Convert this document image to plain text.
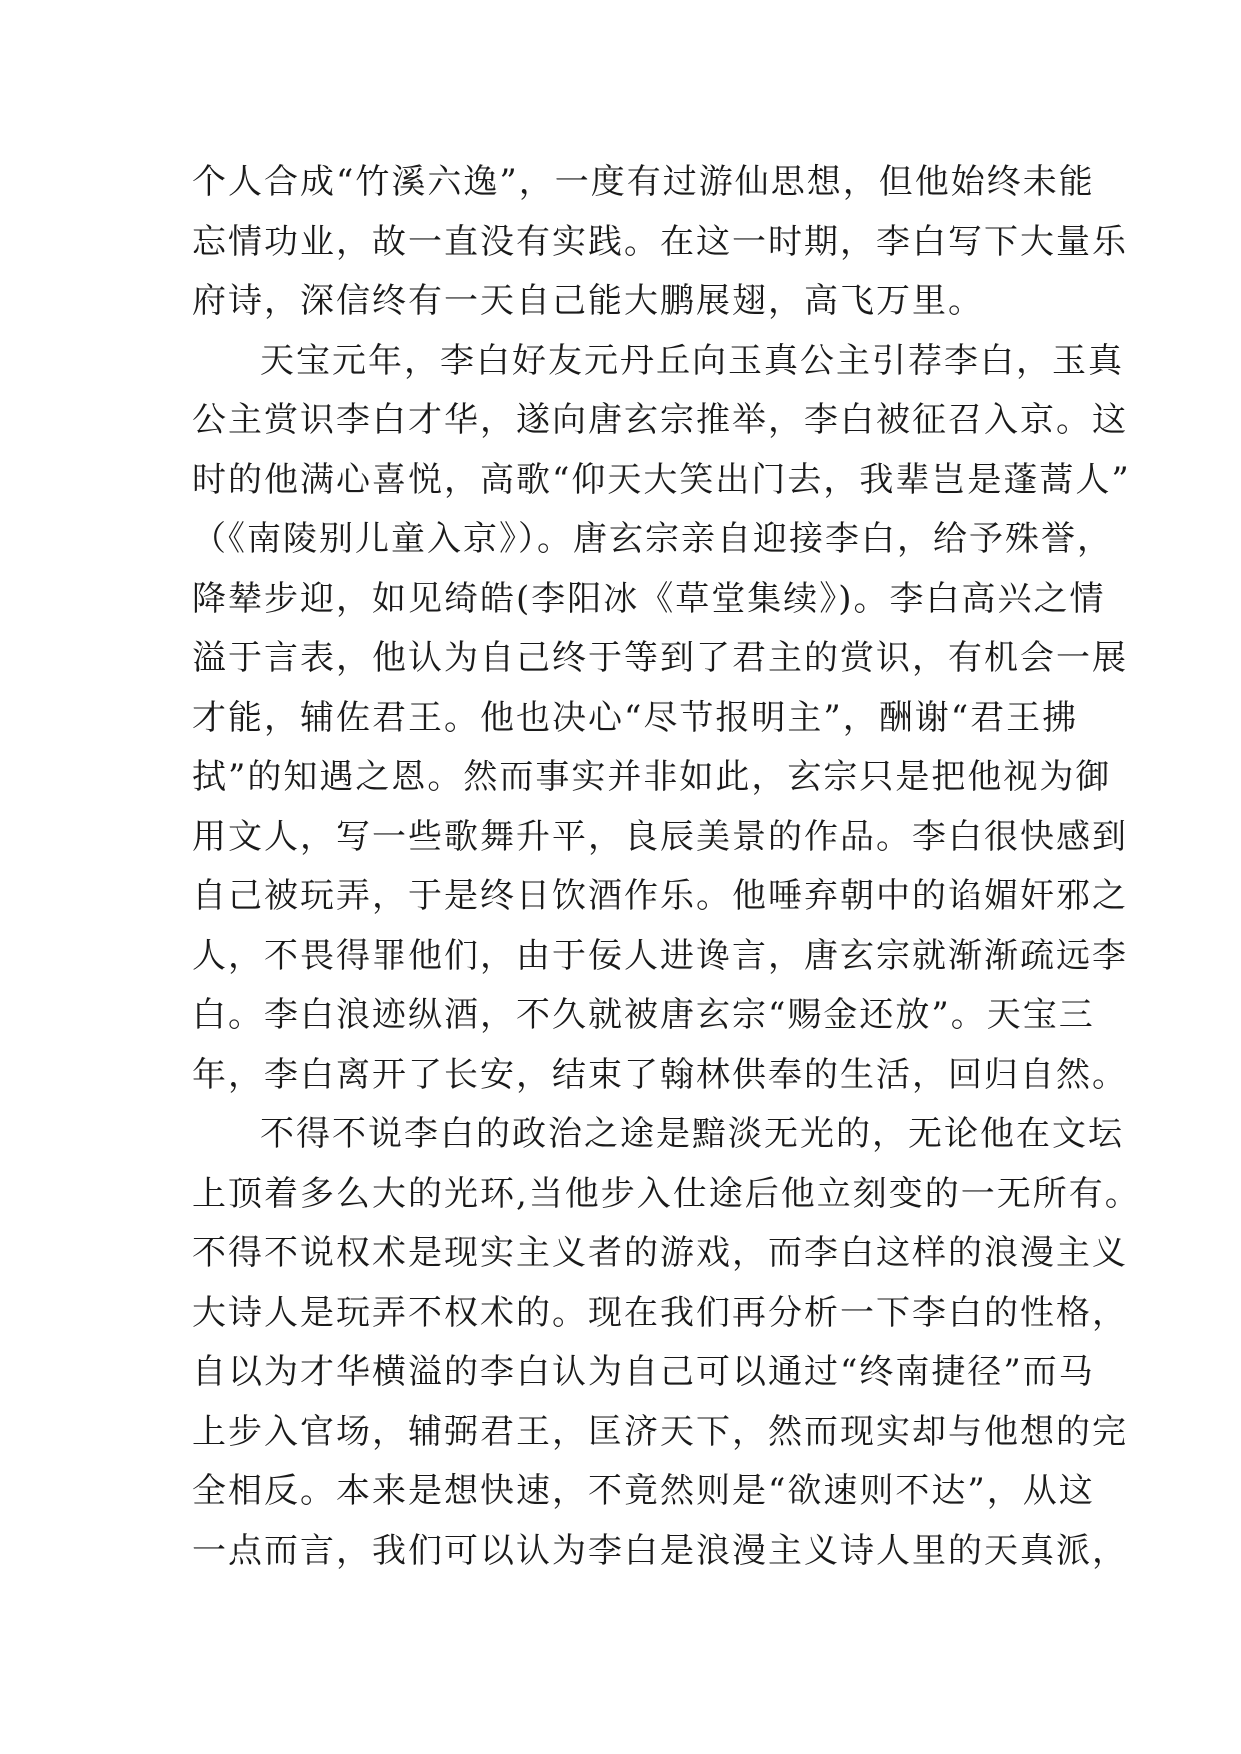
个人合成“竹溪六逸”，一度有过游仙思想，但他始终未能
忘情功业，故一直没有实践。在这一时期，李白写下大量乐
府诗，深信终有一天自己能大鹏展翅，高飞万里。
天宝元年，李白好友元丹丘向玉真公主引荐李白，玉真
公主赏识李白才华，遂向唐玄宗推举，李白被征召入京。这
时的他满心喜悦，高歌“仰天大笑出门去，我辈岂是蓬蒿人”
（《南陵别儿童入京》）。唐玄宗亲自迎接李白，给予殊誉，
降辇步迎，如见绮皓(李阳冰《草堂集续》)。李白高兴之情
溢于言表，他认为自己终于等到了君主的赏识，有机会一展
才能，辅佐君王。他也决心“尽节报明主”，酬谢“君王拂
拭”的知遇之恩。然而事实并非如此，玄宗只是把他视为御
用文人，写一些歌舞升平，良辰美景的作品。李白很快感到
自己被玩弄，于是终日饮酒作乐。他唾弃朝中的谄媚奸邪之
人，不畏得罪他们，由于佞人进谗言，唐玄宗就渐渐疏远李
白。李白浪迹纵酒，不久就被唐玄宗“赐金还放”。天宝三
年，李白离开了长安，结束了翰林供奉的生活，回归自然。
不得不说李白的政治之途是黯淡无光的，无论他在文坛
上顶着多么大的光环,当他步入仕途后他立刻变的一无所有。
不得不说权术是现实主义者的游戏，而李白这样的浪漫主义
大诗人是玩弄不权术的。现在我们再分析一下李白的性格，
自以为才华横溢的李白认为自己可以通过“终南捷径”而马
上步入官场，辅弼君王，匡济天下，然而现实却与他想的完
全相反。本来是想快速，不竟然则是“欲速则不达”，从这
一点而言，我们可以认为李白是浪漫主义诗人里的天真派，
